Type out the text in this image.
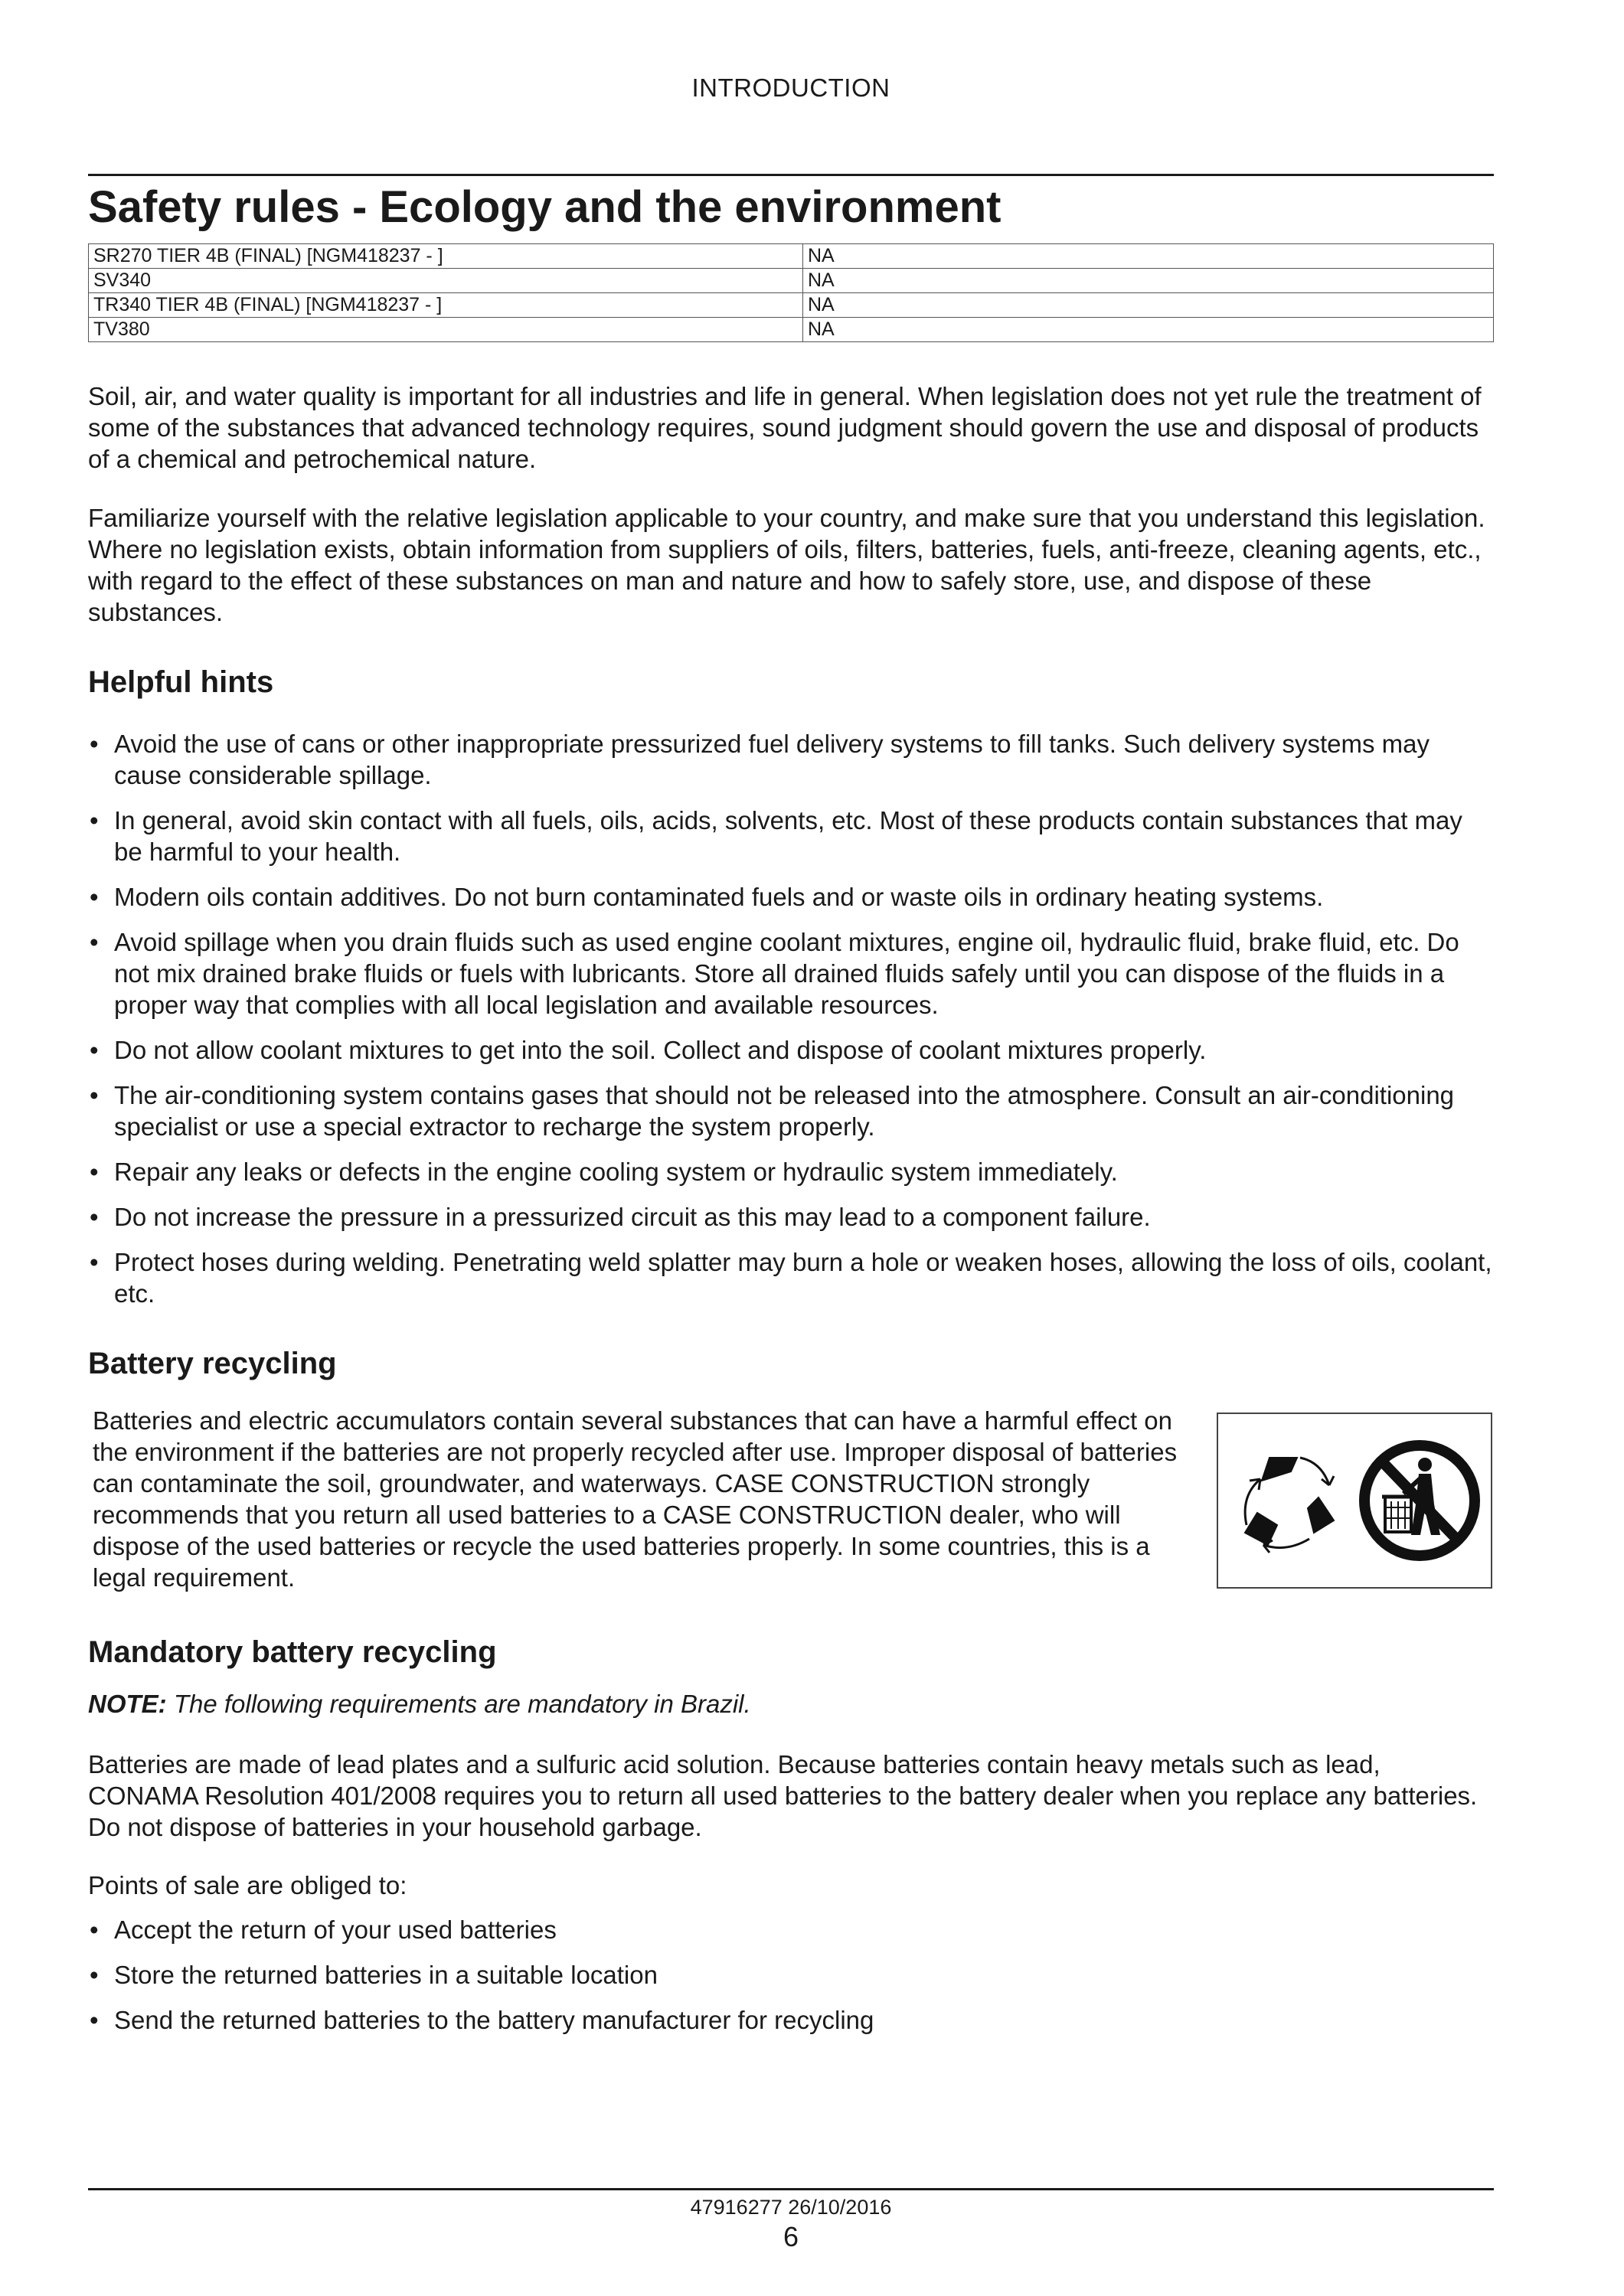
INTRODUCTION
Safety rules - Ecology and the environment
SR270 TIER 4B (FINAL) [NGM418237 - ]	NA
SV340	NA
TR340 TIER 4B (FINAL) [NGM418237 - ]	NA
TV380	NA

Soil, air, and water quality is important for all industries and life in general. When legislation does not yet rule the treatment of some of the substances that advanced technology requires, sound judgment should govern the use and disposal of products of a chemical and petrochemical nature.

Familiarize yourself with the relative legislation applicable to your country, and make sure that you understand this legislation. Where no legislation exists, obtain information from suppliers of oils, filters, batteries, fuels, anti-freeze, cleaning agents, etc., with regard to the effect of these substances on man and nature and how to safely store, use, and dispose of these substances.

Helpful hints
• Avoid the use of cans or other inappropriate pressurized fuel delivery systems to fill tanks. Such delivery systems may cause considerable spillage.
• In general, avoid skin contact with all fuels, oils, acids, solvents, etc. Most of these products contain substances that may be harmful to your health.
• Modern oils contain additives. Do not burn contaminated fuels and or waste oils in ordinary heating systems.
• Avoid spillage when you drain fluids such as used engine coolant mixtures, engine oil, hydraulic fluid, brake fluid, etc. Do not mix drained brake fluids or fuels with lubricants. Store all drained fluids safely until you can dispose of the fluids in a proper way that complies with all local legislation and available resources.
• Do not allow coolant mixtures to get into the soil. Collect and dispose of coolant mixtures properly.
• The air-conditioning system contains gases that should not be released into the atmosphere. Consult an air-conditioning specialist or use a special extractor to recharge the system properly.
• Repair any leaks or defects in the engine cooling system or hydraulic system immediately.
• Do not increase the pressure in a pressurized circuit as this may lead to a component failure.
• Protect hoses during welding. Penetrating weld splatter may burn a hole or weaken hoses, allowing the loss of oils, coolant, etc.
Battery recycling

Batteries and electric accumulators contain several substances that can have a harmful effect on the environment if the batteries are not properly recycled after use. Improper disposal of batteries can contaminate the soil, groundwater, and waterways. CASE CONSTRUCTION strongly recommends that you return all used batteries to a CASE CONSTRUCTION dealer, who will dispose of the used batteries or recycle the used batteries properly. In some countries, this is a legal requirement.

Mandatory battery recycling

NOTE: The following requirements are mandatory in Brazil.

Batteries are made of lead plates and a sulfuric acid solution. Because batteries contain heavy metals such as lead, CONAMA Resolution 401/2008 requires you to return all used batteries to the battery dealer when you replace any batteries. Do not dispose of batteries in your household garbage.

Points of sale are obliged to:

• Accept the return of your used batteries
• Store the returned batteries in a suitable location
• Send the returned batteries to the battery manufacturer for recycling
47916277 26/10/2016
6
